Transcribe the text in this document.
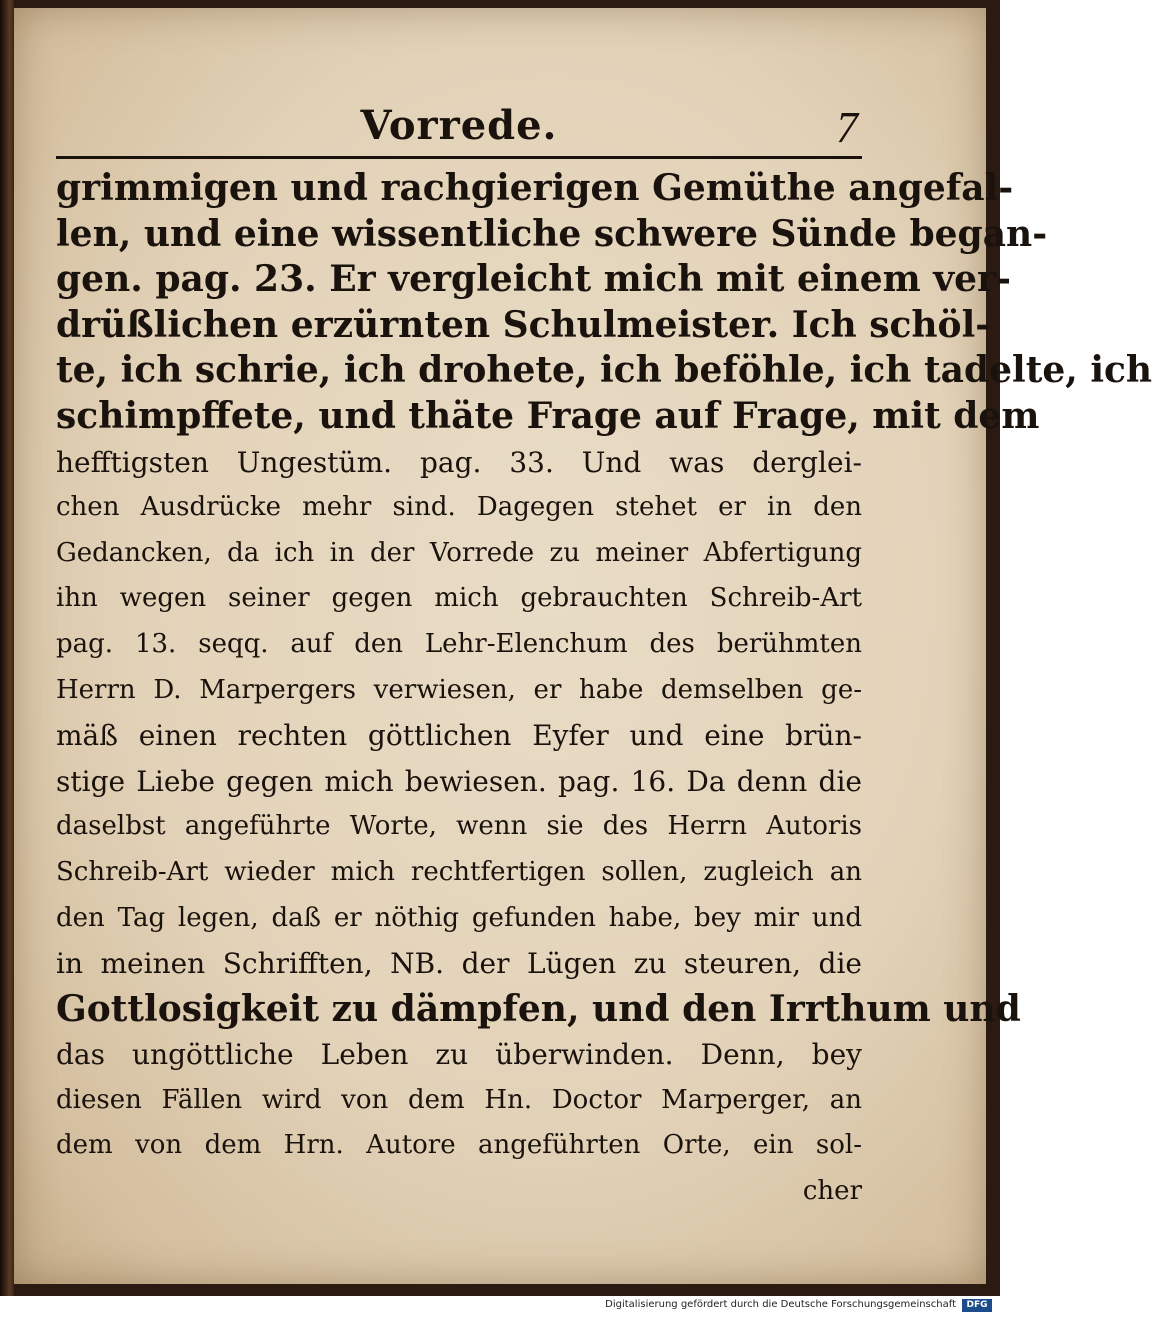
Vorrede.	7
grimmigen und rachgierigen Gemüthe angefal-
len, und eine wissentliche schwere Sünde began-
gen. pag. 23. Er vergleicht mich mit einem ver-
drüßlichen erzürnten Schulmeister. Ich schöl-
te, ich schrie, ich drohete, ich beföhle, ich tadelte, ich
schimpffete, und thäte Frage auf Frage, mit dem
hefftigsten Ungestüm. pag. 33. Und was derglei-
chen Ausdrücke mehr sind. Dagegen stehet er in den
Gedancken, da ich in der Vorrede zu meiner Abfertigung
ihn wegen seiner gegen mich gebrauchten Schreib-Art
pag. 13. seqq. auf den Lehr-Elenchum des berühmten
Herrn D. Marpergers verwiesen, er habe demselben ge-
mäß einen rechten göttlichen Eyfer und eine brün-
stige Liebe gegen mich bewiesen. pag. 16. Da denn die
daselbst angeführte Worte, wenn sie des Herrn Autoris
Schreib-Art wieder mich rechtfertigen sollen, zugleich an
den Tag legen, daß er nöthig gefunden habe, bey mir und
in meinen Schrifften, NB. der Lügen zu steuren, die
Gottlosigkeit zu dämpfen, und den Irrthum und
das ungöttliche Leben zu überwinden. Denn, bey
diesen Fällen wird von dem Hn. Doctor Marperger, an
dem von dem Hrn. Autore angeführten Orte, ein sol-
cher
Digitalisierung gefördert durch die Deutsche Forschungsgemeinschaft	DFG
